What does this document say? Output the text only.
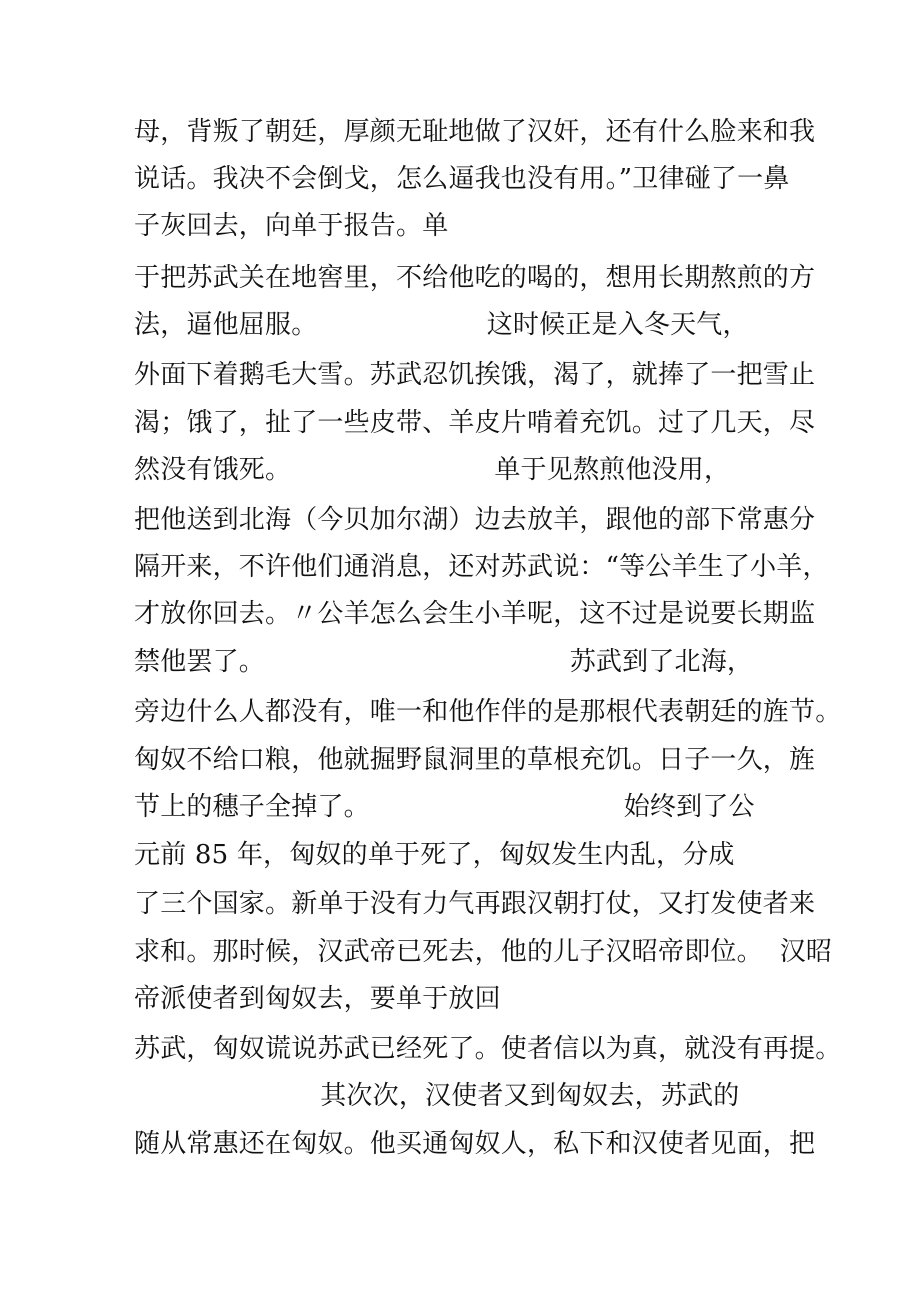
母，背叛了朝廷，厚颜无耻地做了汉奸，还有什么脸来和我
说话。我决不会倒戈，怎么逼我也没有用。”卫律碰了一鼻
子灰回去，向单于报告。单
于把苏武关在地窖里，不给他吃的喝的，想用长期熬煎的方
法，逼他屈服。                    这时候正是入冬天气，
外面下着鹅毛大雪。苏武忍饥挨饿，渴了，就捧了一把雪止
渴；饿了，扯了一些皮带、羊皮片啃着充饥。过了几天，尽
然没有饿死。                        单于见熬煎他没用，
把他送到北海（今贝加尔湖）边去放羊，跟他的部下常惠分
隔开来，不许他们通消息，还对苏武说：“等公羊生了小羊，
才放你回去。〃公羊怎么会生小羊呢，这不过是说要长期监
禁他罢了。                                    苏武到了北海，
旁边什么人都没有，唯一和他作伴的是那根代表朝廷的旌节。
匈奴不给口粮，他就掘野鼠洞里的草根充饥。日子一久，旌
节上的穗子全掉了。                              始终到了公
元前 85 年，匈奴的单于死了，匈奴发生内乱，分成
了三个国家。新单于没有力气再跟汉朝打仗，又打发使者来
求和。那时候，汉武帝已死去，他的儿子汉昭帝即位。  汉昭
帝派使者到匈奴去，要单于放回
苏武，匈奴谎说苏武已经死了。使者信以为真，就没有再提。
其次次，汉使者又到匈奴去，苏武的
随从常惠还在匈奴。他买通匈奴人，私下和汉使者见面，把
